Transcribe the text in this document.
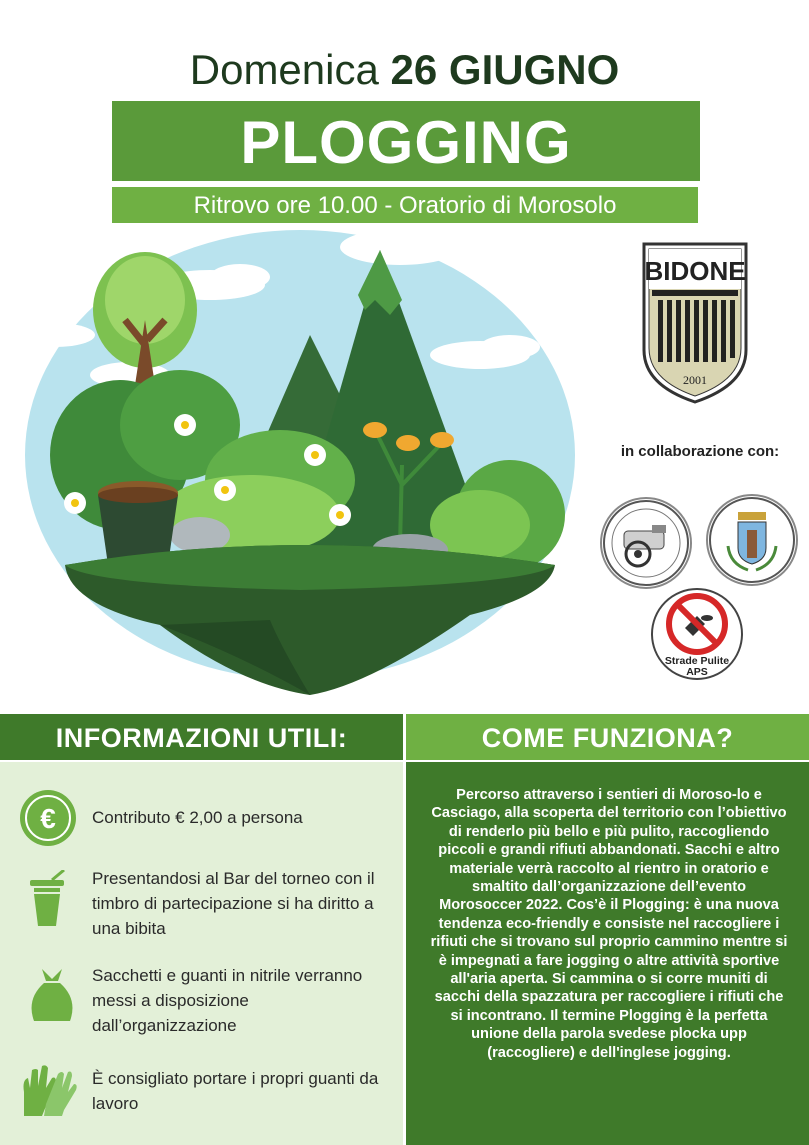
Domenica 26 GIUGNO
PLOGGING
Ritrovo ore 10.00 - Oratorio di Morosolo
BIDONE
2001
in collaborazione con:
Strade Pulite
APS
INFORMAZIONI UTILI:	COME FUNZIONA?
€ Contributo € 2,00 a persona
Presentandosi al Bar del torneo con il timbro di partecipazione si ha diritto a una bibita
Sacchetti e guanti in nitrile verranno messi a disposizione dall’organizzazione
È consigliato portare i propri guanti da lavoro
Percorso attraverso i sentieri di Moroso-lo e Casciago, alla scoperta del territorio con l’obiettivo di renderlo più bello e più pulito, raccogliendo piccoli e grandi rifiuti abbandonati. Sacchi e altro materiale verrà raccolto al rientro in oratorio e smaltito dall’organizzazione dell’evento Morosoccer 2022. Cos’è il Plogging: è una nuova tendenza eco-friendly e consiste nel raccogliere i rifiuti che si trovano sul proprio cammino mentre si è impegnati a fare jogging o altre attività sportive all'aria aperta. Si cammina o si corre muniti di sacchi della spazzatura per raccogliere i rifiuti che si incontrano. Il termine Plogging è la perfetta unione della parola svedese plocka upp (raccogliere) e dell'inglese jogging.
